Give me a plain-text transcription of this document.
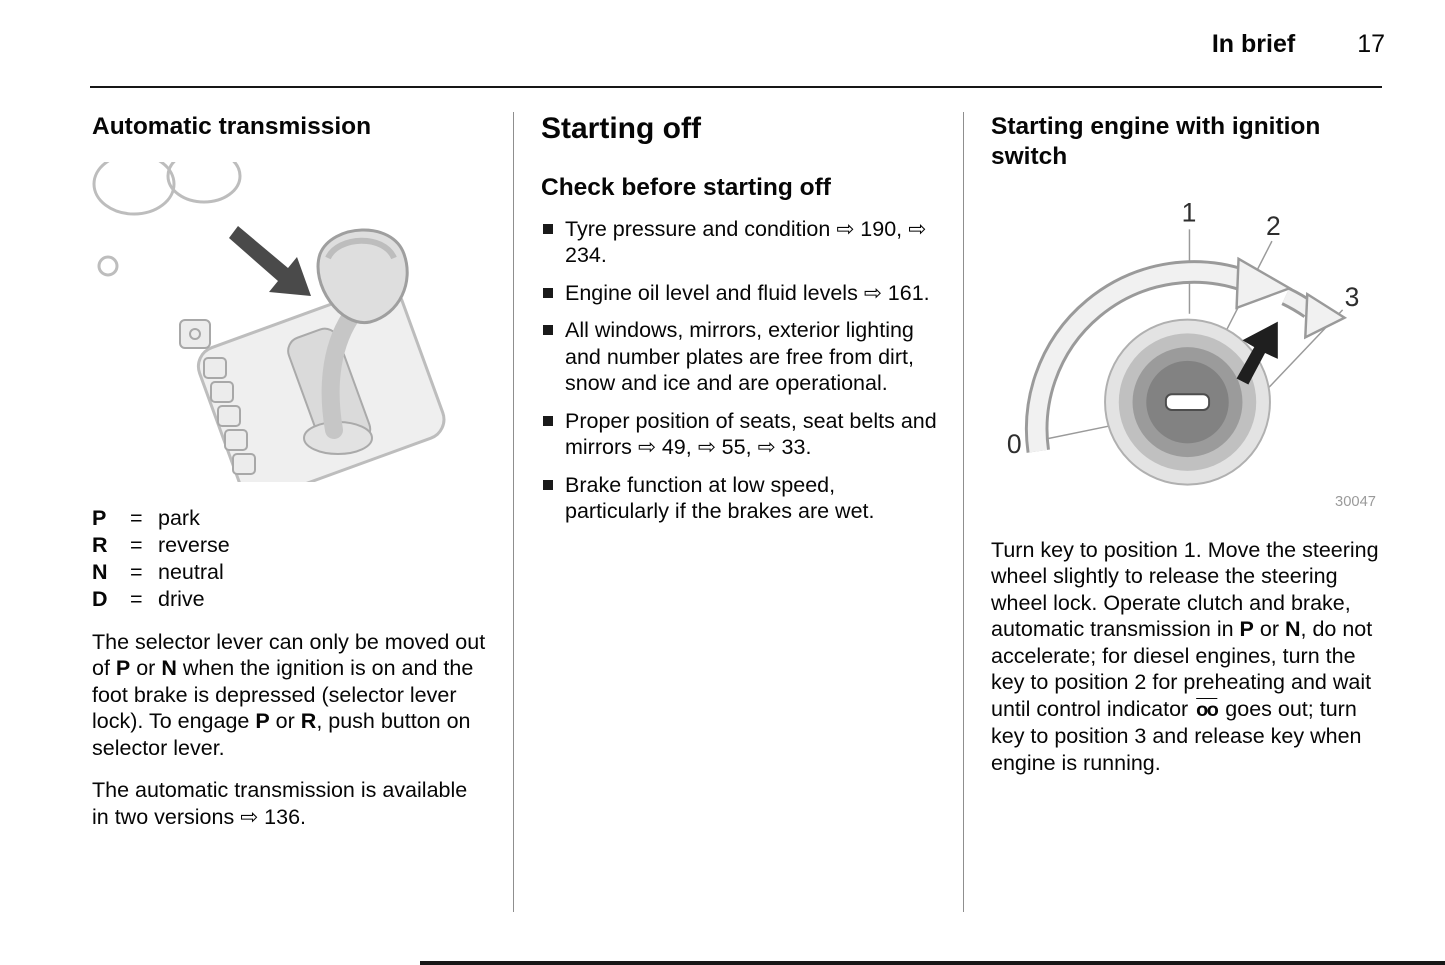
In brief 17
Automatic transmission
P	= park
R	= reverse
N	= neutral
D	= drive

The selector lever can only be moved out of P or N when the ignition is on and the foot brake is depressed (selector lever lock). To engage P or R, push button on selector lever.

The automatic transmission is available in two versions ⇨ 136.

Starting off
Check before starting off
Tyre pressure and condition ⇨ 190, ⇨ 234.
Engine oil level and fluid levels ⇨ 161.
All windows, mirrors, exterior lighting and number plates are free from dirt, snow and ice and are operational.
Proper position of seats, seat belts and mirrors ⇨ 49, ⇨ 55, ⇨ 33.
Brake function at low speed, particularly if the brakes are wet.
Starting engine with ignition switch
1	2
3
0
30047

Turn key to position 1. Move the steering wheel slightly to release the steering wheel lock. Operate clutch and brake, automatic transmission in P or N, do not accelerate; for diesel engines, turn the key to position 2 for preheating and wait until control indicator $\overline{oo}$ goes out; turn key to position 3 and release key when engine is running.
